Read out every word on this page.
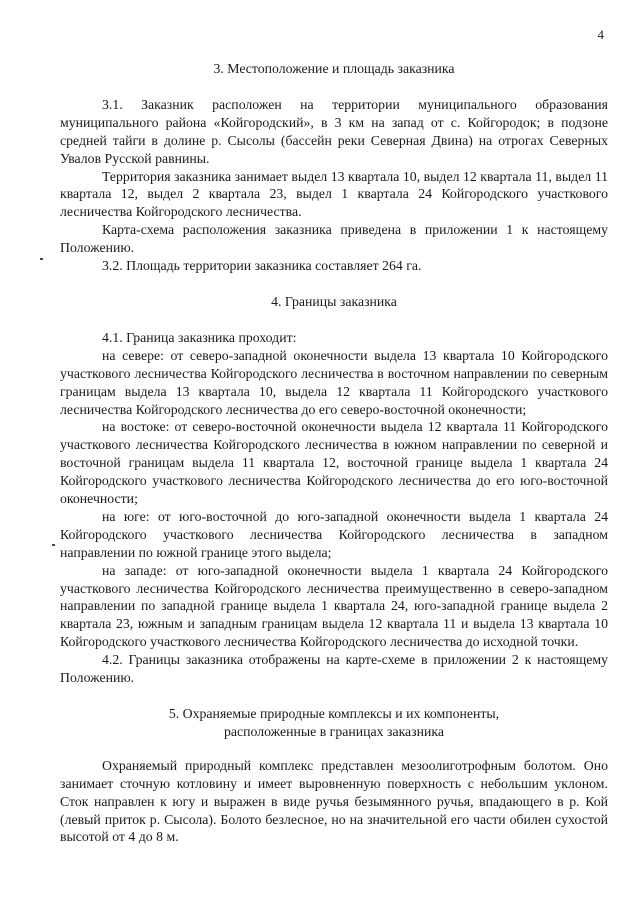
4
3. Местоположение и площадь заказника

3.1. Заказник расположен на территории муниципального образования муниципального района «Койгородский», в 3 км на запад от с. Койгородок; в подзоне средней тайги в долине р. Сысолы (бассейн реки Северная Двина) на отрогах Северных Увалов Русской равнины.

Территория заказника занимает выдел 13 квартала 10, выдел 12 квартала 11, выдел 11 квартала 12, выдел 2 квартала 23, выдел 1 квартала 24 Койгородского участкового лесничества Койгородского лесничества.

Карта-схема расположения заказника приведена в приложении 1 к настоящему Положению.

3.2. Площадь территории заказника составляет 264 га.

4. Границы заказника

4.1. Граница заказника проходит:

на севере: от северо-западной оконечности выдела 13 квартала 10 Койгородского участкового лесничества Койгородского лесничества в восточном направлении по северным границам выдела 13 квартала 10, выдела 12 квартала 11 Койгородского участкового лесничества Койгородского лесничества до его северо-восточной оконечности;

на востоке: от северо-восточной оконечности выдела 12 квартала 11 Койгородского участкового лесничества Койгородского лесничества в южном направлении по северной и восточной границам выдела 11 квартала 12, восточной границе выдела 1 квартала 24 Койгородского участкового лесничества Койгородского лесничества до его юго-восточной оконечности;

на юге: от юго-восточной до юго-западной оконечности выдела 1 квартала 24 Койгородского участкового лесничества Койгородского лесничества в западном направлении по южной границе этого выдела;

на западе: от юго-западной оконечности выдела 1 квартала 24 Койгородского участкового лесничества Койгородского лесничества преимущественно в северо-западном направлении по западной границе выдела 1 квартала 24, юго-западной границе выдела 2 квартала 23, южным и западным границам выдела 12 квартала 11 и выдела 13 квартала 10 Койгородского участкового лесничества Койгородского лесничества до исходной точки.

4.2. Границы заказника отображены на карте-схеме в приложении 2 к настоящему Положению.

5. Охраняемые природные комплексы и их компоненты,
расположенные в границах заказника

Охраняемый природный комплекс представлен мезоолиготрофным болотом. Оно занимает сточную котловину и имеет выровненную поверхность с небольшим уклоном. Сток направлен к югу и выражен в виде ручья безымянного ручья, впадающего в р. Кой (левый приток р. Сысола). Болото безлесное, но на значительной его части обилен сухостой высотой от 4 до 8 м.
